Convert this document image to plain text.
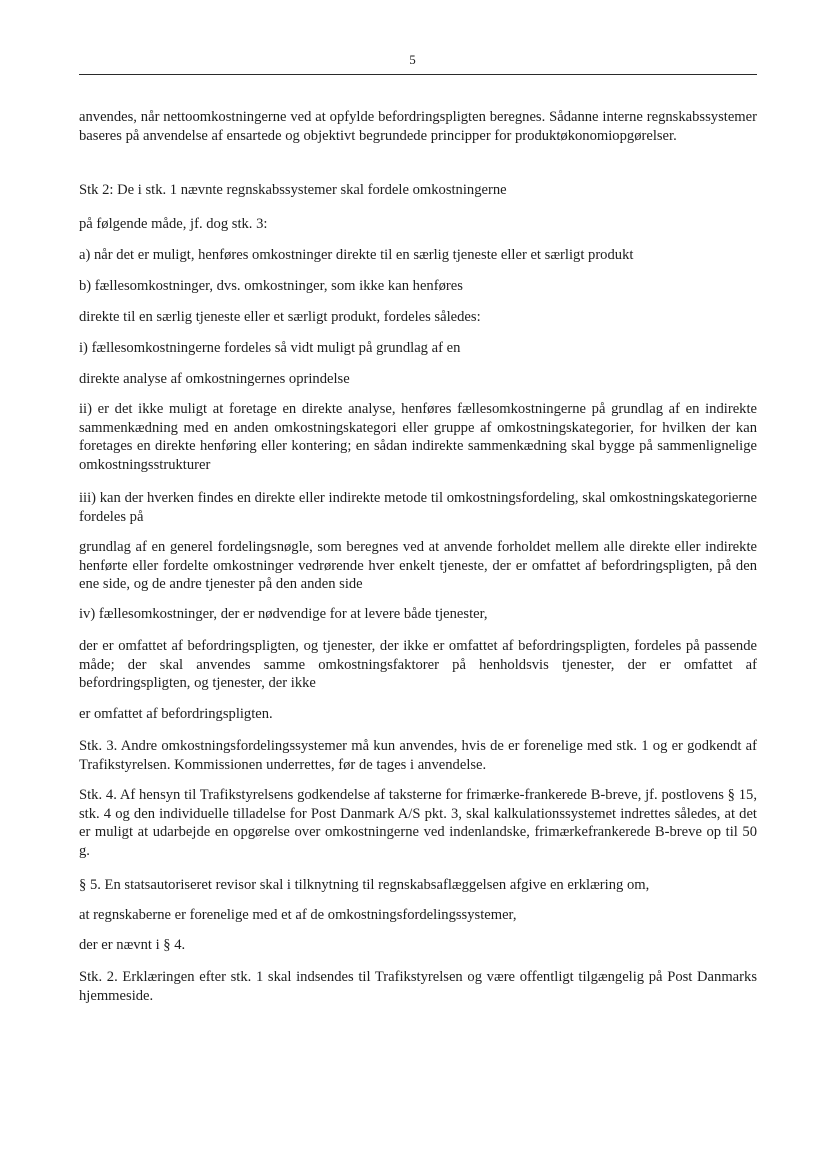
5

anvendes, når nettoomkostningerne ved at opfylde befordringspligten beregnes. Sådanne interne regnskabssystemer baseres på anvendelse af ensartede og objektivt begrundede principper for produktøkonomiopgørelser.

Stk 2: De i stk. 1 nævnte regnskabssystemer skal fordele omkostningerne

på følgende måde, jf. dog stk. 3:

a) når det er muligt, henføres omkostninger direkte til en særlig tjeneste eller et særligt produkt

b) fællesomkostninger, dvs. omkostninger, som ikke kan henføres

direkte til en særlig tjeneste eller et særligt produkt, fordeles således:

i) fællesomkostningerne fordeles så vidt muligt på grundlag af en

direkte analyse af omkostningernes oprindelse

ii) er det ikke muligt at foretage en direkte analyse, henføres fællesomkostningerne på grundlag af en indirekte sammenkædning med en anden omkostningskategori eller gruppe af omkostningskategorier, for hvilken der kan foretages en direkte henføring eller kontering; en sådan indirekte sammenkædning skal bygge på sammenlignelige omkostningsstrukturer

iii) kan der hverken findes en direkte eller indirekte metode til omkostningsfordeling, skal omkostningskategorierne fordeles på

grundlag af en generel fordelingsnøgle, som beregnes ved at anvende forholdet mellem alle direkte eller indirekte henførte eller fordelte omkostninger vedrørende hver enkelt tjeneste, der er omfattet af befordringspligten, på den ene side, og de andre tjenester på den anden side

iv) fællesomkostninger, der er nødvendige for at levere både tjenester,

der er omfattet af befordringspligten, og tjenester, der ikke er omfattet af befordringspligten, fordeles på passende måde; der skal anvendes samme omkostningsfaktorer på henholdsvis tjenester, der er omfattet af befordringspligten, og tjenester, der ikke

er omfattet af befordringspligten.

Stk. 3. Andre omkostningsfordelingssystemer må kun anvendes, hvis de er forenelige med stk. 1 og er godkendt af Trafikstyrelsen. Kommissionen underrettes, før de tages i anvendelse.

Stk. 4. Af hensyn til Trafikstyrelsens godkendelse af taksterne for frimærke-frankerede B-breve, jf. postlovens § 15, stk. 4 og den individuelle tilladelse for Post Danmark A/S pkt. 3, skal kalkulationssystemet indrettes således, at det er muligt at udarbejde en opgørelse over omkostningerne ved indenlandske, frimærkefrankerede B-breve op til 50 g.

§ 5. En statsautoriseret revisor skal i tilknytning til regnskabsaflæggelsen afgive en erklæring om,

at regnskaberne er forenelige med et af de omkostningsfordelingssystemer,

der er nævnt i § 4.

Stk. 2. Erklæringen efter stk. 1 skal indsendes til Trafikstyrelsen og være offentligt tilgængelig på Post Danmarks hjemmeside.
